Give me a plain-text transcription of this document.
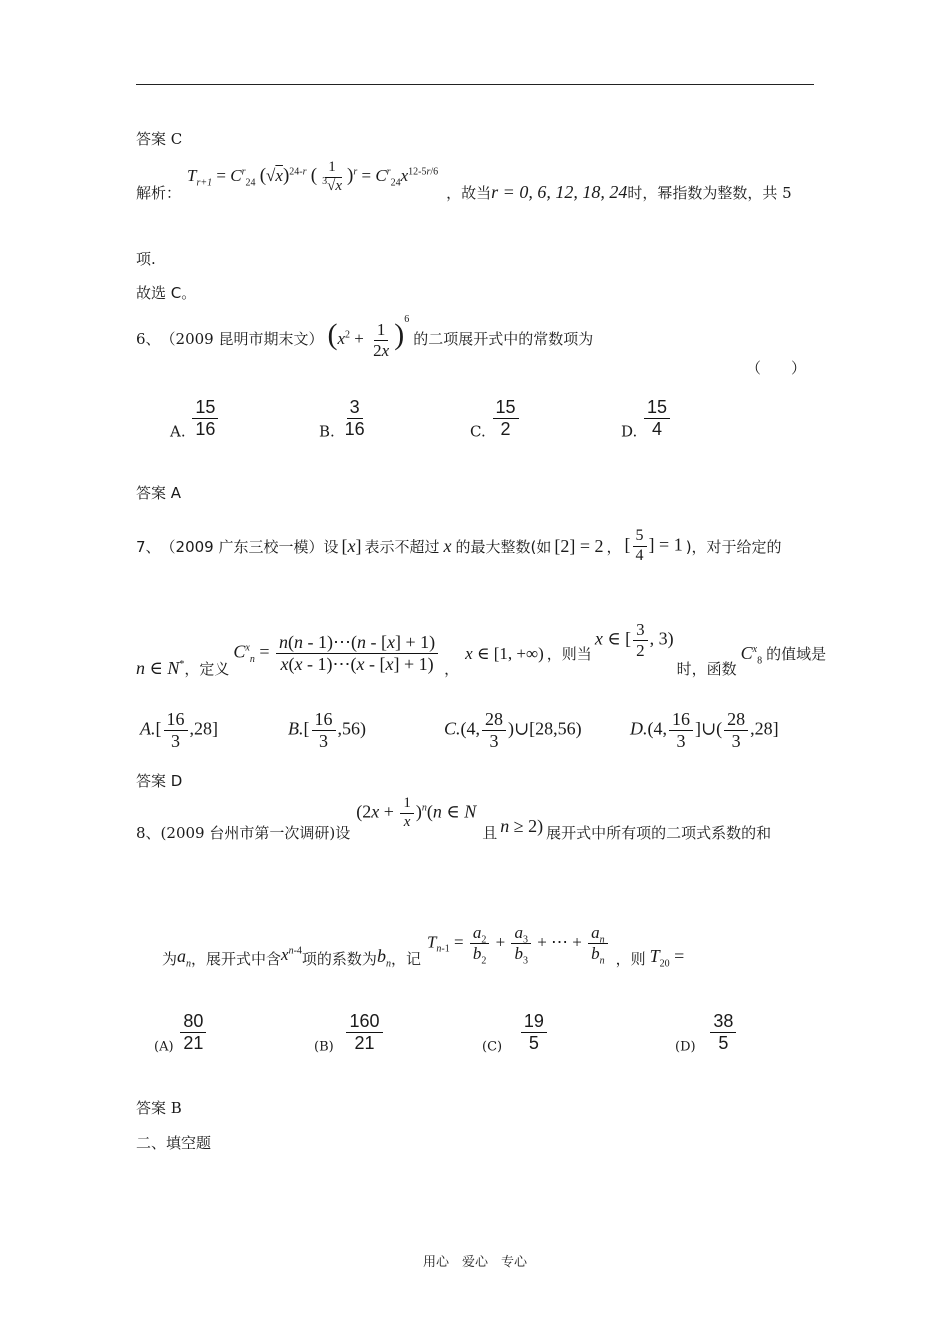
答案 C
解析：
$T_{r+1} = C^r_{24}$ $(√x)^{24-r}$ ( $\frac{1}{^3√x} )^r = C^r_{24}x^{12-5r/6}$
，故当 r = 0, 6, 12, 18, 24 时，幂指数为整数，共 5
项.
故选 C。
6、 （2009 昆明市期末文） $(x^2 + \frac{1}{2x} )^6$
的二项展开式中的常数项为
（　　）
A. $\frac{15}{16}$	B. $\frac{3}{16}$	C. $\frac{15}{2}$	D. $\frac{15}{4}$
答案 A
7、 （2009 广东三校一模） 设 [x] 表示不超过 x 的最大整数(如 [2] = 2 ， [ $\frac{5}{4}$ ] = 1 )，对于给定的
n ∈ N* ，定义
$C^x_n = \frac{n(n - 1)\cdots(n - [x] + 1)}{x(x - 1)\cdots(x - [x] + 1)}$ ，
x ∈ [1, +∞) ，则当
x ∈ [ $\frac{3}{2}$ , 3)
时，函数
$C^x_8$ 的值域是
$A.[ \frac{16}{3} ,28]$	$B.[ \frac{16}{3} ,56)$	C.(4, $\frac{28}{3}$ )∪[28,56)	D.(4, $\frac{16}{3}$ ]∪( $\frac{28}{3} ,28$]
答案 D
8、 (2009 台州市第一次调研) 设
$(2x + \frac{1}{x} )^n(n$ ∈ N
且 n ≥ 2) 展开式中所有项的二项式系数的和
为 $a_n$ ，展开式中含 $x^{n-4}$ 项的系数为 $b_n$ ，记
$T_{n-1} = \frac{a_2}{b_2} + \frac{a_3}{b_3}$ + ⋯ + $\frac{a_n}{b_n}$ ，则 $T_{20}$ =
$(A) \frac{80}{21}$	$(B) \frac{160}{21}$	$(C) \frac{19}{5}$	$(D) \frac{38}{5}$
答案 B
二、填空题
用心　爱心　专心
